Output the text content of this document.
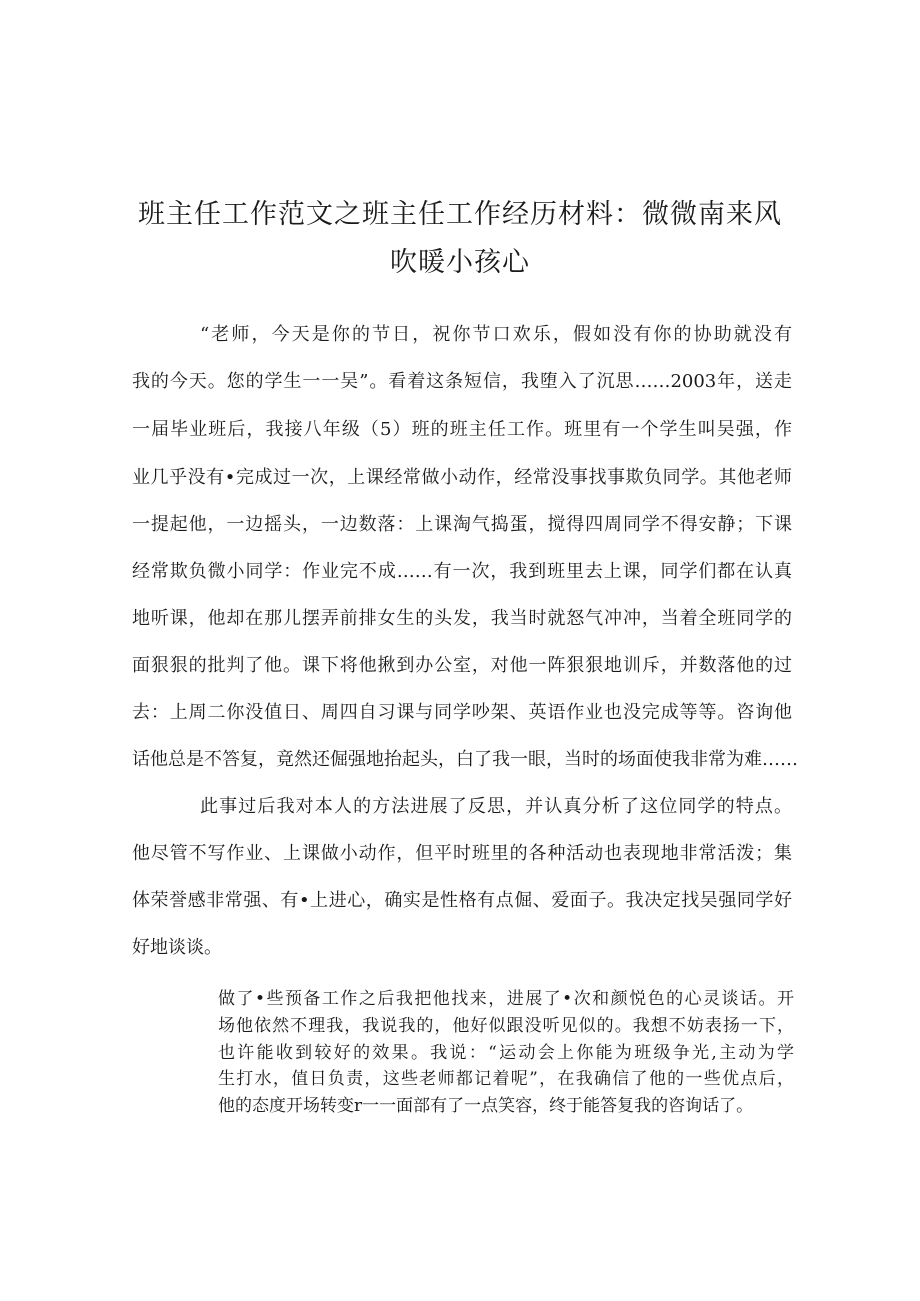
班主任工作范文之班主任工作经历材料：微微南来风
吹暖小孩心

“老师，今天是你的节日，祝你节口欢乐，假如没有你的协助就没有

我的今天。您的学生一一吴”。看着这条短信，我堕入了沉思……2003年，送走

一届毕业班后，我接八年级（5）班的班主任工作。班里有一个学生叫吴强，作

业几乎没有•完成过一次，上课经常做小动作，经常没事找事欺负同学。其他老师

一提起他，一边摇头，一边数落：上课淘气捣蛋，搅得四周同学不得安静；下课

经常欺负微小同学：作业完不成……有一次，我到班里去上课，同学们都在认真

地听课，他却在那儿摆弄前排女生的头发，我当时就怒气冲冲，当着全班同学的

面狠狠的批判了他。课下将他揪到办公室，对他一阵狠狠地训斥，并数落他的过

去：上周二你没值日、周四自习课与同学吵架、英语作业也没完成等等。咨询他

话他总是不答复，竟然还倔强地抬起头，白了我一眼，当时的场面使我非常为难……

此事过后我对本人的方法进展了反思，并认真分析了这位同学的特点。

他尽管不写作业、上课做小动作，但平时班里的各种活动也表现地非常活泼；集

体荣誉感非常强、有•上进心，确实是性格有点倔、爱面子。我决定找吴强同学好

好地谈谈。

做了•些预备工作之后我把他找来，进展了•次和颜悦色的心灵谈话。开

场他依然不理我，我说我的，他好似跟没听见似的。我想不妨表扬一下，

也许能收到较好的效果。我说：“运动会上你能为班级争光,主动为学

生打水，值日负责，这些老师都记着呢”，在我确信了他的一些优点后，

他的态度开场转变r一一面部有了一点笑容，终于能答复我的咨询话了。
